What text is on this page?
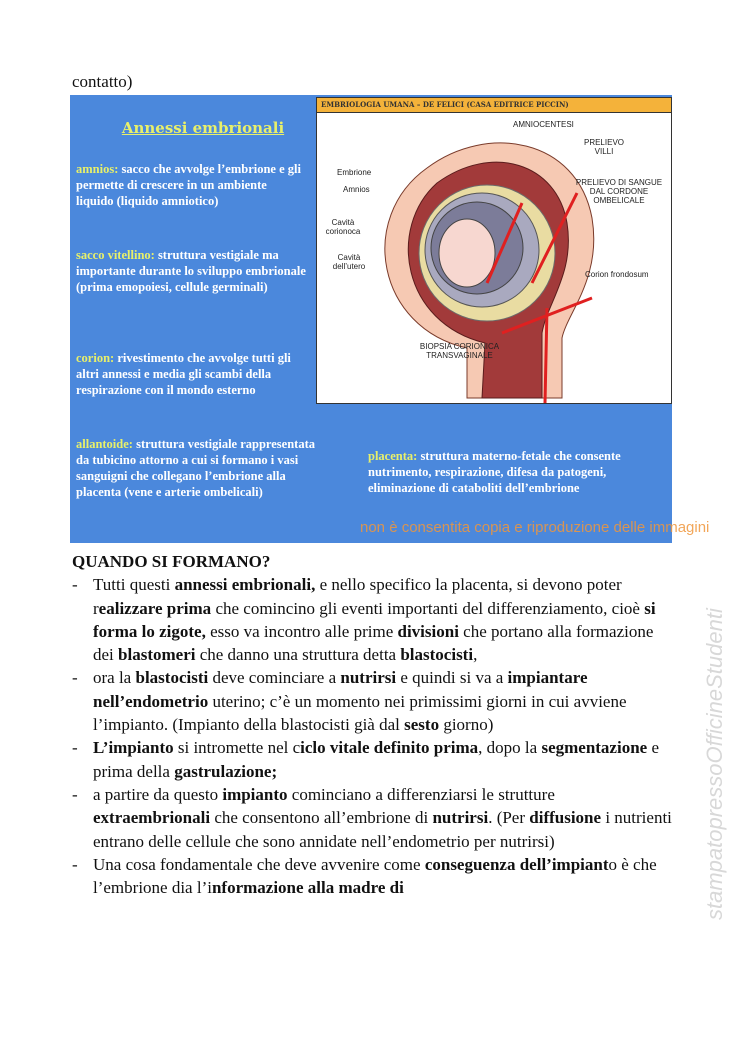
contatto)
Annessi embrionali
amnios: sacco che avvolge l’embrione e gli permette di crescere in un ambiente liquido (liquido amniotico)
sacco vitellino: struttura vestigiale ma importante durante lo sviluppo embrionale (prima emopoiesi, cellule germinali)
corion: rivestimento che avvolge tutti gli altri annessi e media gli scambi della respirazione con il mondo esterno
allantoide: struttura vestigiale rappresentata da tubicino attorno a cui si formano i vasi sanguigni che collegano l’embrione alla placenta (vene e arterie ombelicali)
placenta: struttura materno-fetale che consente nutrimento, respirazione, difesa da patogeni, eliminazione di cataboliti dell’embrione
EMBRIOLOGIA UMANA – DE FELICI (CASA EDITRICE PICCIN)
AMNIOCENTESI
PRELIEVO VILLI
PRELIEVO DI SANGUE DAL CORDONE OMBELICALE
Embrione
Amnios
Cavità corionoca
Cavità dell’utero
Corion frondosum
BIOPSIA CORIONICA TRANSVAGINALE
non è consentita copia e riproduzione delle immagini
QUANDO SI FORMANO?
- Tutti questi annessi embrionali, e nello specifico la placenta, si devono poter realizzare prima che comincino gli eventi importanti del differenziamento, cioè si forma lo zigote, esso va incontro alle prime divisioni che portano alla formazione dei blastomeri che danno una struttura detta blastocisti,
- ora la blastocisti deve cominciare a nutrirsi e quindi si va a impiantare nell’endometrio uterino; c’è un momento nei primissimi giorni in cui avviene l’impianto. (Impianto della blastocisti già dal sesto giorno)
- L’impianto si intromette nel ciclo vitale definito prima, dopo la segmentazione e prima della gastrulazione;
- a partire da questo impianto cominciano a differenziarsi le strutture extraembrionali che consentono all’embrione di nutrirsi. (Per diffusione i nutrienti entrano delle cellule che sono annidate nell’endometrio per nutrirsi)
- Una cosa fondamentale che deve avvenire come conseguenza dell’impianto è che l’embrione dia l’informazione alla madre di	stampatopressoOfficineStudenti
